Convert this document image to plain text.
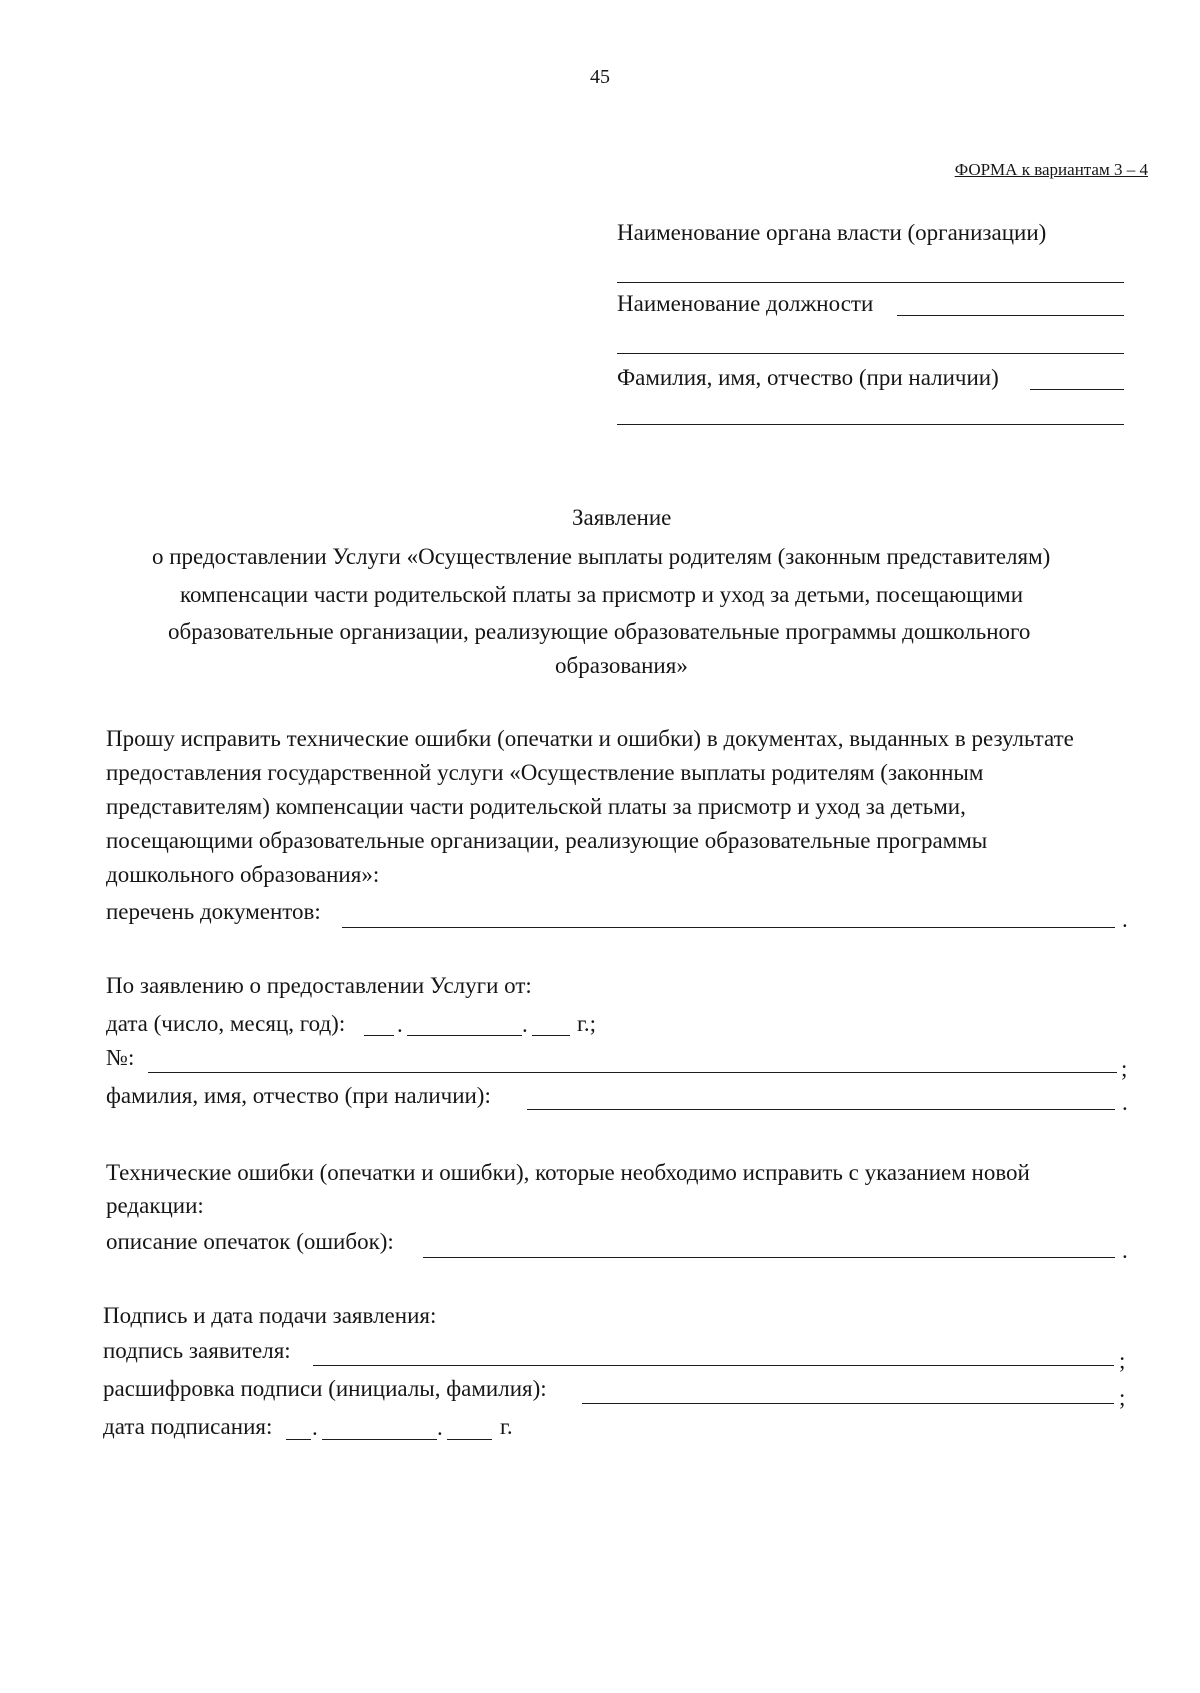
45
ФОРМА к вариантам 3 – 4
Наименование органа власти (организации)
Наименование должности
Фамилия, имя, отчество (при наличии)
Заявление
о предоставлении Услуги «Осуществление выплаты родителям (законным представителям)
компенсации части родительской платы за присмотр и уход за детьми, посещающими
образовательные организации, реализующие образовательные программы дошкольного
образования»
Прошу исправить технические ошибки (опечатки и ошибки) в документах, выданных в результате
предоставления государственной услуги «Осуществление выплаты родителям (законным
представителям) компенсации части родительской платы за присмотр и уход за детьми,
посещающими образовательные организации, реализующие образовательные программы
дошкольного образования»:
перечень документов:	.
По заявлению о предоставлении Услуги от:
дата (число, месяц, год): .	. г.;
№:	;
фамилия, имя, отчество (при наличии):	.
Технические ошибки (опечатки и ошибки), которые необходимо исправить с указанием новой
редакции:
описание опечаток (ошибок):	.
Подпись и дата подачи заявления:
подпись заявителя:	;
расшифровка подписи (инициалы, фамилия):	;
дата подписания: .	. г.
